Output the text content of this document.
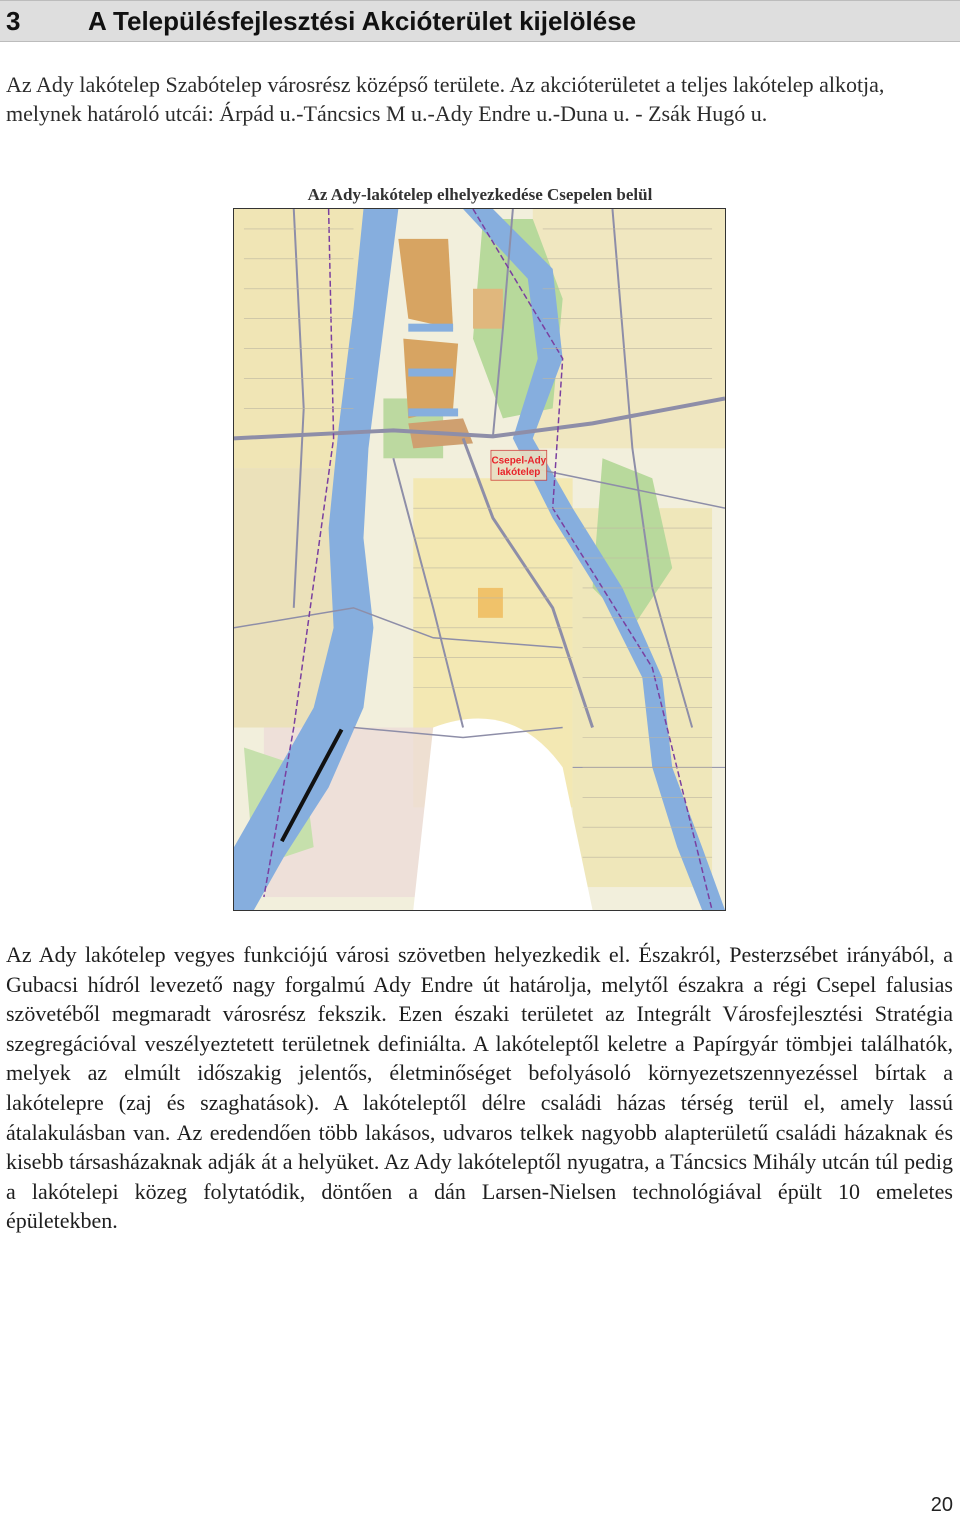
3	A Településfejlesztési Akcióterület kijelölése
Az Ady lakótelep Szabótelep városrész középső területe. Az akcióterületet a teljes lakótelep alkotja, melynek határoló utcái: Árpád u.-Táncsics M u.-Ady Endre u.-Duna u. - Zsák Hugó u.
Az Ady-lakótelep elhelyezkedése Csepelen belül
Csepel-Ady
lakótelep
Az Ady lakótelep vegyes funkciójú városi szövetben helyezkedik el. Északról, Pesterzsébet irányából, a Gubacsi hídról levezető nagy forgalmú Ady Endre út határolja, melytől északra a régi Csepel falusias szövetéből megmaradt városrész fekszik. Ezen északi területet az Integrált Városfejlesztési Stratégia szegregációval veszélyeztetett területnek definiálta. A lakóteleptől keletre a Papírgyár tömbjei találhatók, melyek az elmúlt időszakig jelentős, életminőséget befolyásoló környezetszennyezéssel bírtak a lakótelepre (zaj és szaghatások). A lakóteleptől délre családi házas térség terül el, amely lassú átalakulásban van. Az eredendően több lakásos, udvaros telkek nagyobb alapterületű családi házaknak és kisebb társasházaknak adják át a helyüket. Az Ady lakóteleptől nyugatra, a Táncsics Mihály utcán túl pedig a lakótelepi közeg folytatódik, döntően a dán Larsen-Nielsen technológiával épült 10 emeletes épületekben.
20
